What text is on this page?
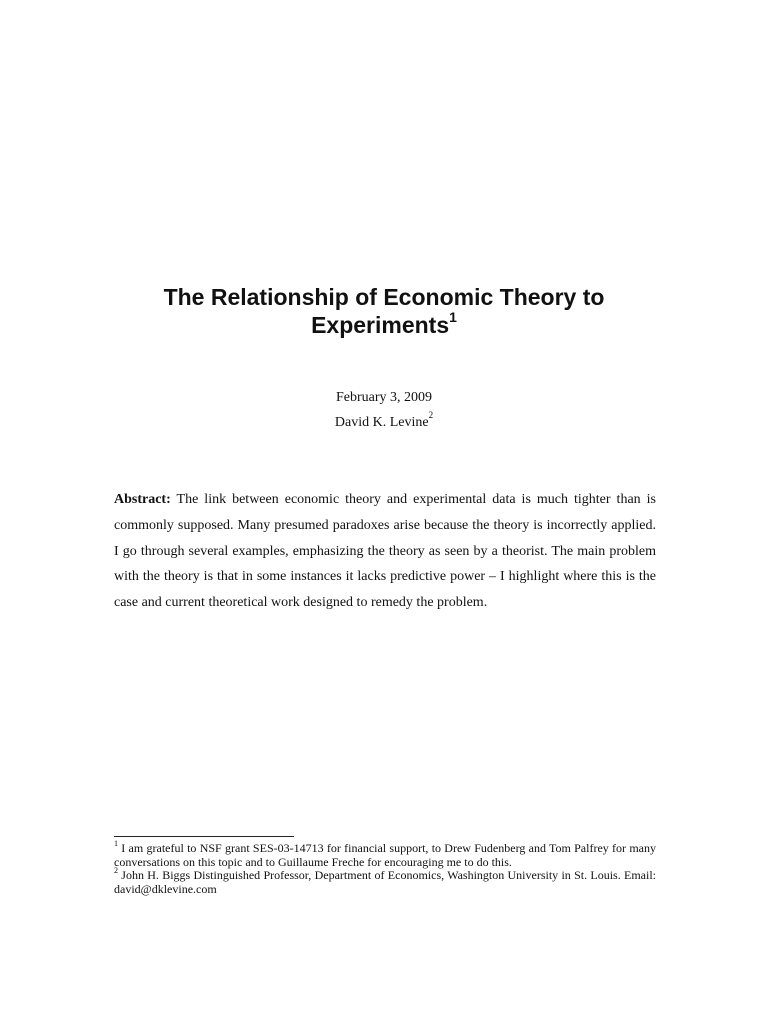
The Relationship of Economic Theory to
Experiments$^1$

February 3, 2009

David K. Levine$^2$

Abstract: The link between economic theory and experimental data is much tighter than is commonly supposed. Many presumed paradoxes arise because the theory is incorrectly applied. I go through several examples, emphasizing the theory as seen by a theorist. The main problem with the theory is that in some instances it lacks predictive power – I highlight where this is the case and current theoretical work designed to remedy the problem.

$^1$ I am grateful to NSF grant SES-03-14713 for financial support, to Drew Fudenberg and Tom Palfrey for many conversations on this topic and to Guillaume Freche for encouraging me to do this.

$^2$ John H. Biggs Distinguished Professor, Department of Economics, Washington University in St. Louis. Email: david@dklevine.com
